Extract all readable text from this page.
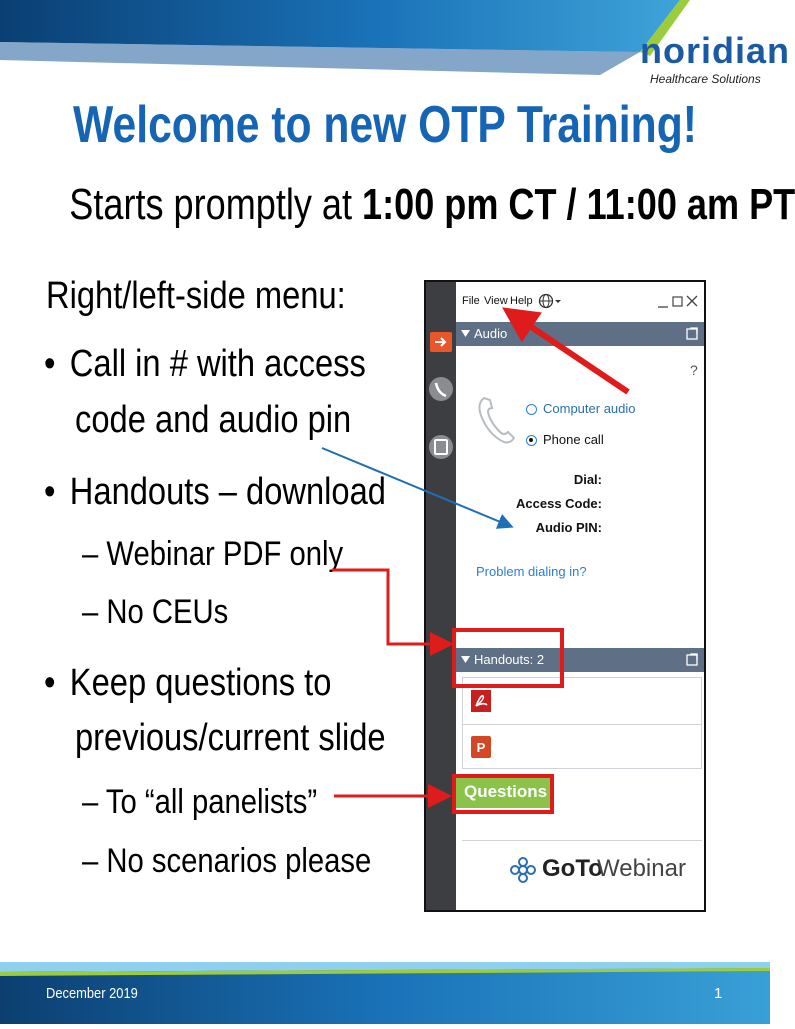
noridian
Healthcare Solutions
Welcome to new OTP Training!
Starts promptly at 1:00 pm CT / 11:00 am PT
Right/left-side menu:
• Call in # with access
code and audio pin
• Handouts – download
– Webinar PDF only
– No CEUs
• Keep questions to
previous/current slide
– To “all panelists”
– No scenarios please
File View Help
Audio
?
Computer audio
Phone call
Dial:
Access Code:
Audio PIN:
Problem dialing in?
Handouts: 2
P
Questions
GoTo
Webinar
December 2019	1
